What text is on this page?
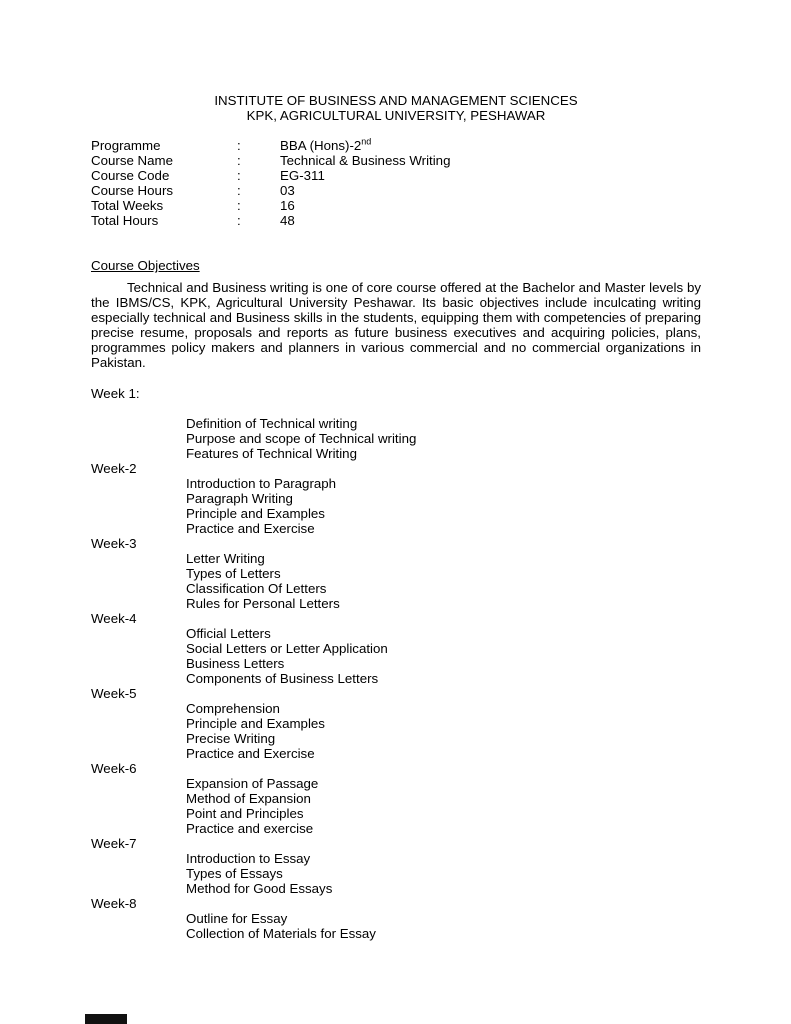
INSTITUTE OF BUSINESS AND MANAGEMENT SCIENCES
KPK, AGRICULTURAL UNIVERSITY, PESHAWAR
Programme	:	BBA (Hons)-2nd
Course Name	:	Technical & Business Writing
Course Code	:	EG-311
Course Hours	:	03
Total Weeks	:	16
Total Hours	:	48
Course Objectives

Technical and Business writing is one of core course offered at the Bachelor and Master levels by the IBMS/CS, KPK, Agricultural University Peshawar. Its basic objectives include inculcating writing especially technical and Business skills in the students, equipping them with competencies of preparing precise resume, proposals and reports as future business executives and acquiring policies, plans, programmes policy makers and planners in various commercial and no commercial organizations in Pakistan.

Week 1:
Definition of Technical writing
Purpose and scope of Technical writing
Features of Technical Writing
Week-2
Introduction to Paragraph
Paragraph Writing
Principle and Examples
Practice and Exercise
Week-3
Letter Writing
Types of Letters
Classification Of Letters
Rules for Personal Letters
Week-4
Official Letters
Social Letters or Letter Application
Business Letters
Components of Business Letters
Week-5
Comprehension
Principle and Examples
Precise Writing
Practice and Exercise
Week-6
Expansion of Passage
Method of Expansion
Point and Principles
Practice and exercise
Week-7
Introduction to Essay
Types of Essays
Method for Good Essays
Week-8
Outline for Essay
Collection of Materials for Essay
